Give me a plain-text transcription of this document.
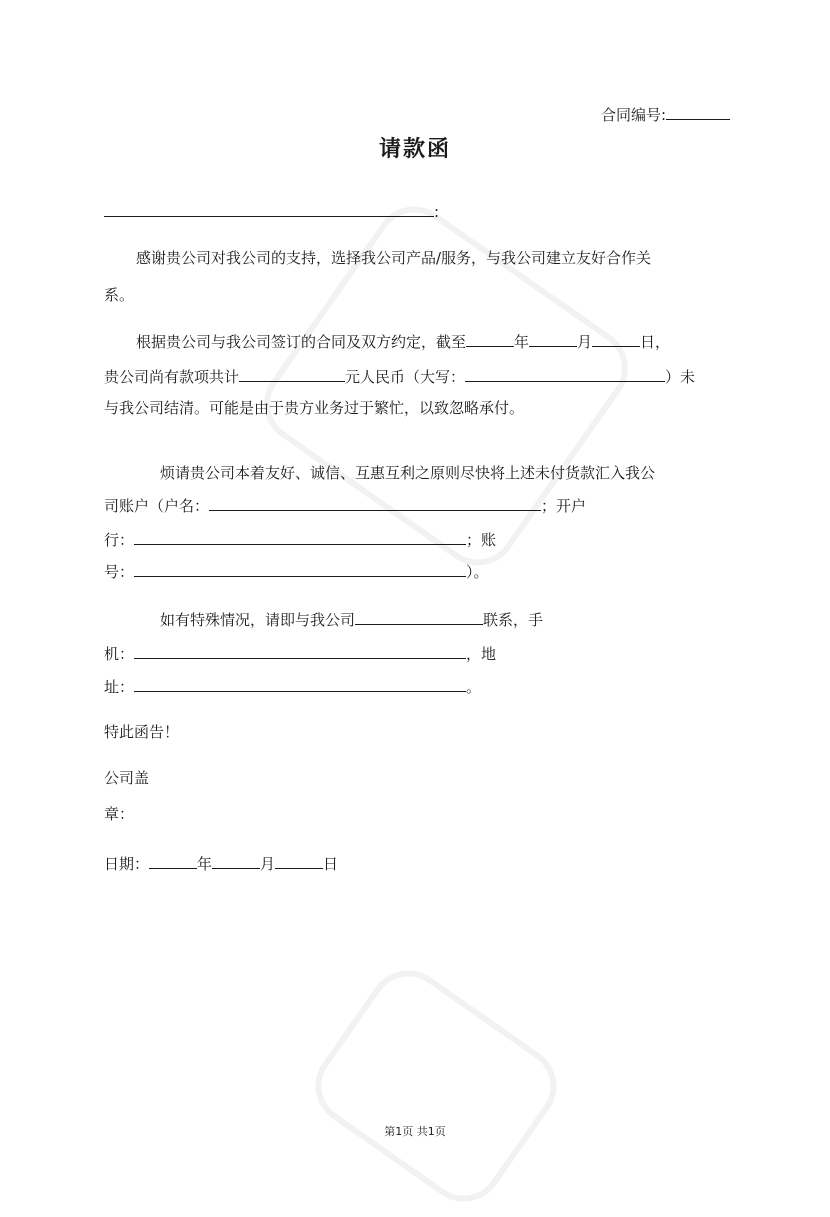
合同编号:
请款函
:
感谢贵公司对我公司的支持，选择我公司产品/服务，与我公司建立友好合作关
系。
根据贵公司与我公司签订的合同及双方约定，截至	年	月	日，
贵公司尚有款项共计	元人民币（大写：	）未
与我公司结清。可能是由于贵方业务过于繁忙，以致忽略承付。
烦请贵公司本着友好、诚信、互惠互利之原则尽快将上述未付货款汇入我公
司账户（户名：	；开户
行：	；账
号：	）。
如有特殊情况，请即与我公司	联系，手
机：	，地
址：	。
特此函告！
公司盖
章：
日期：	年	月	日
第1页 共1页
